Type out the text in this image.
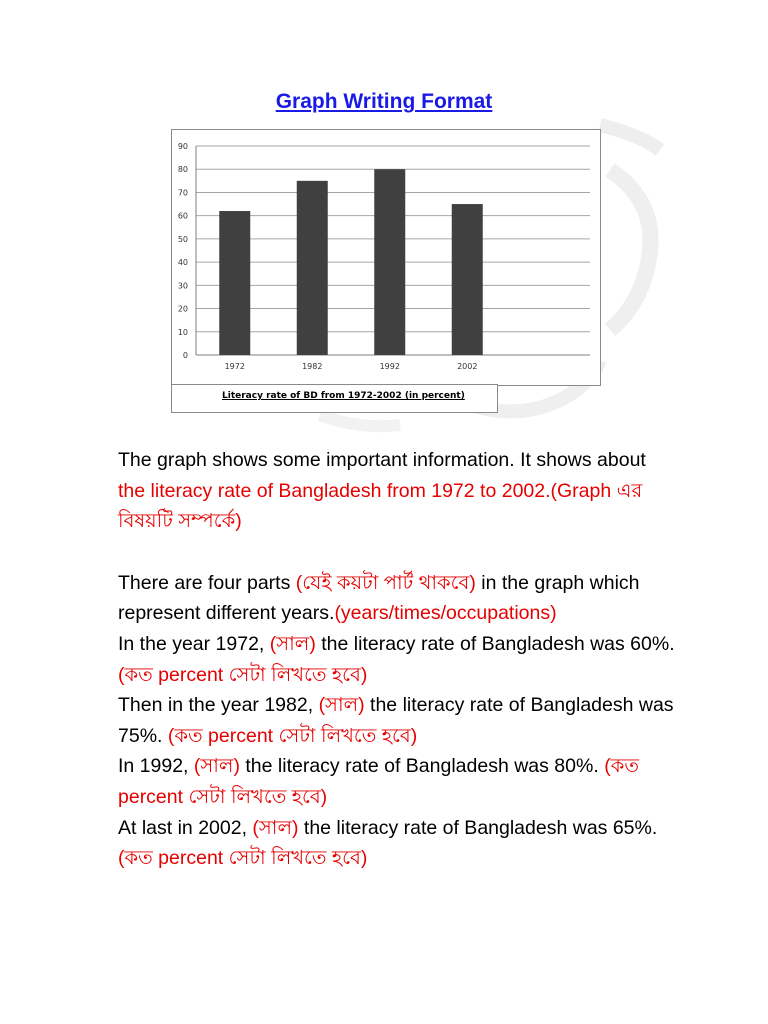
Graph Writing Format
0
10
20
30
40
50
60
70
80
90
1972	1982	1992	2002
Literacy rate of BD from 1972-2002 (in percent)

The graph shows some important information. It shows about the literacy rate of Bangladesh from 1972 to 2002.(Graph এর বিষয়টি সম্পর্কে)

There are four parts (যেই কয়টা পার্ট থাকবে) in the graph which represent different years.(years/times/occupations)

In the year 1972, (সাল) the literacy rate of Bangladesh was 60%. (কত percent সেটা লিখতে হবে)

Then in the year 1982, (সাল) the literacy rate of Bangladesh was 75%. (কত percent সেটা লিখতে হবে)

In 1992, (সাল) the literacy rate of Bangladesh was 80%. (কত percent সেটা লিখতে হবে)

At last in 2002, (সাল) the literacy rate of Bangladesh was 65%. (কত percent সেটা লিখতে হবে)
